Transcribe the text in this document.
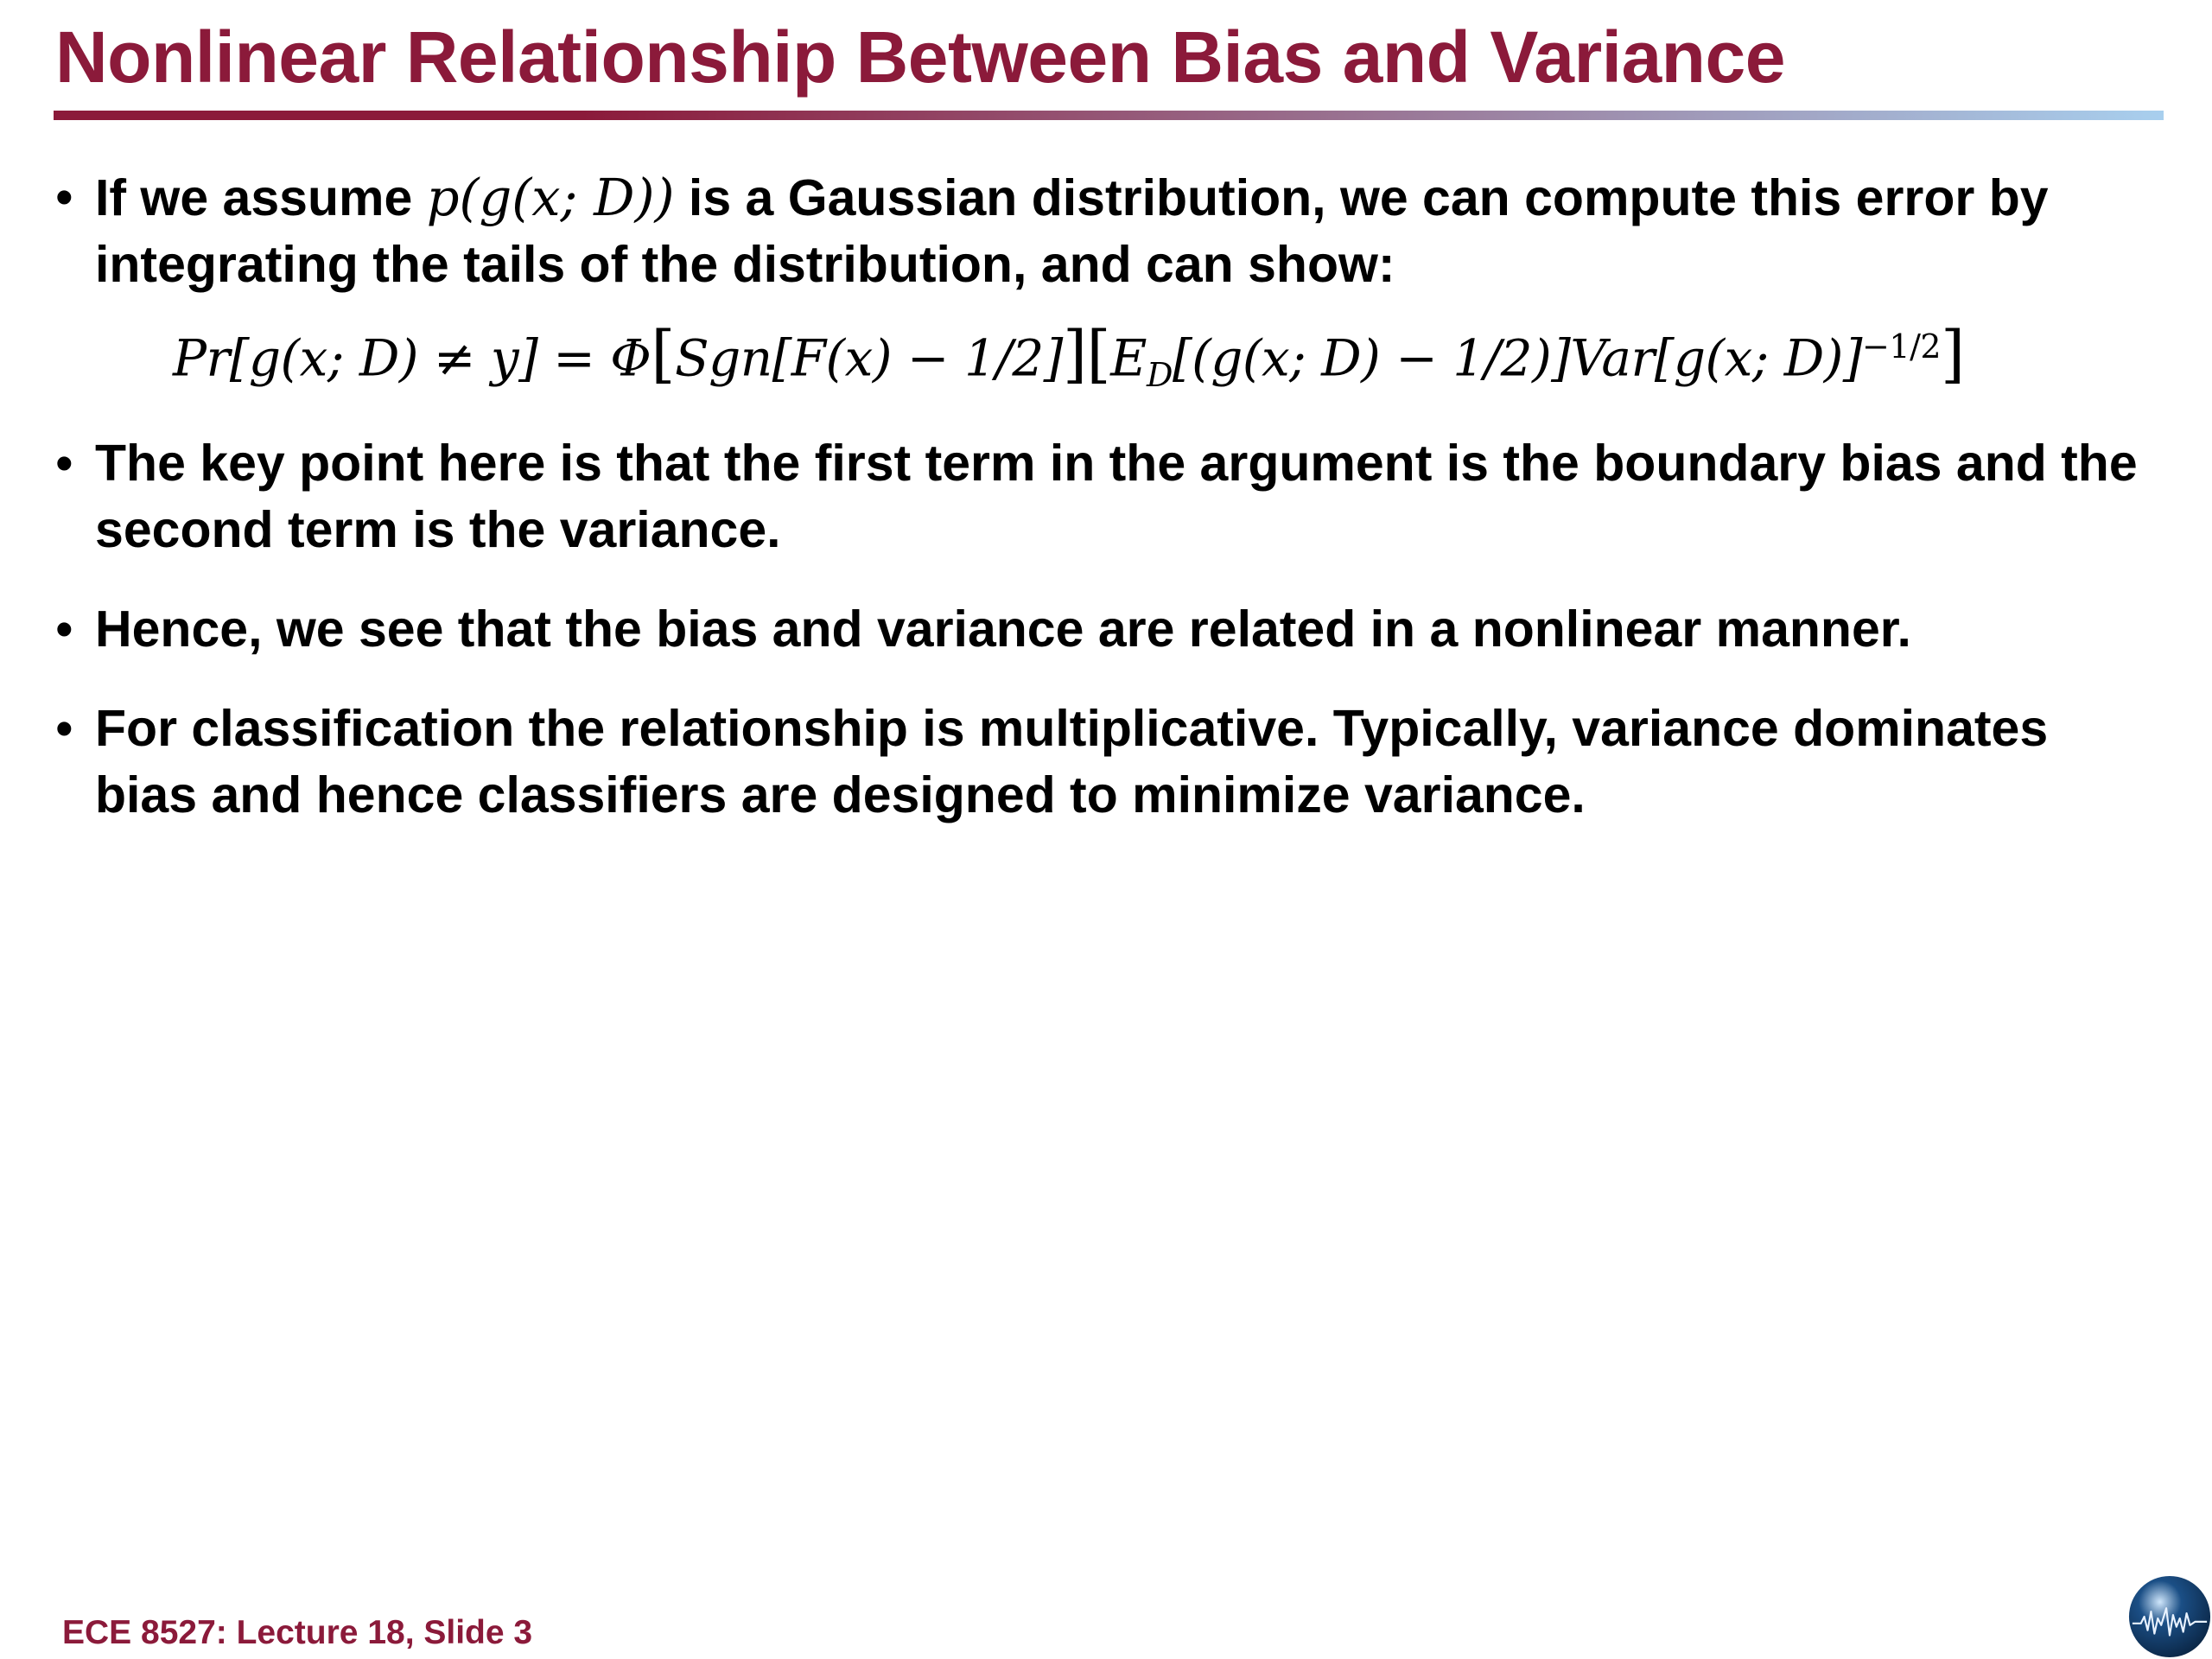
Nonlinear Relationship Between Bias and Variance
• If we assume p(g(x; D)) is a Gaussian distribution, we can compute this error by integrating the tails of the distribution, and can show:
Pr[g(x; $D) \ne y] = \Phi[Sgn[F(x) - 1/2]][E_D[(g(x$; D) − 1/2)]Var[g(x; D)]$^{-1/2}$]
• The key point here is that the first term in the argument is the boundary bias and the second term is the variance.
• Hence, we see that the bias and variance are related in a nonlinear manner.
• For classification the relationship is multiplicative. Typically, variance dominates bias and hence classifiers are designed to minimize variance.
ECE 8527: Lecture 18, Slide 3
